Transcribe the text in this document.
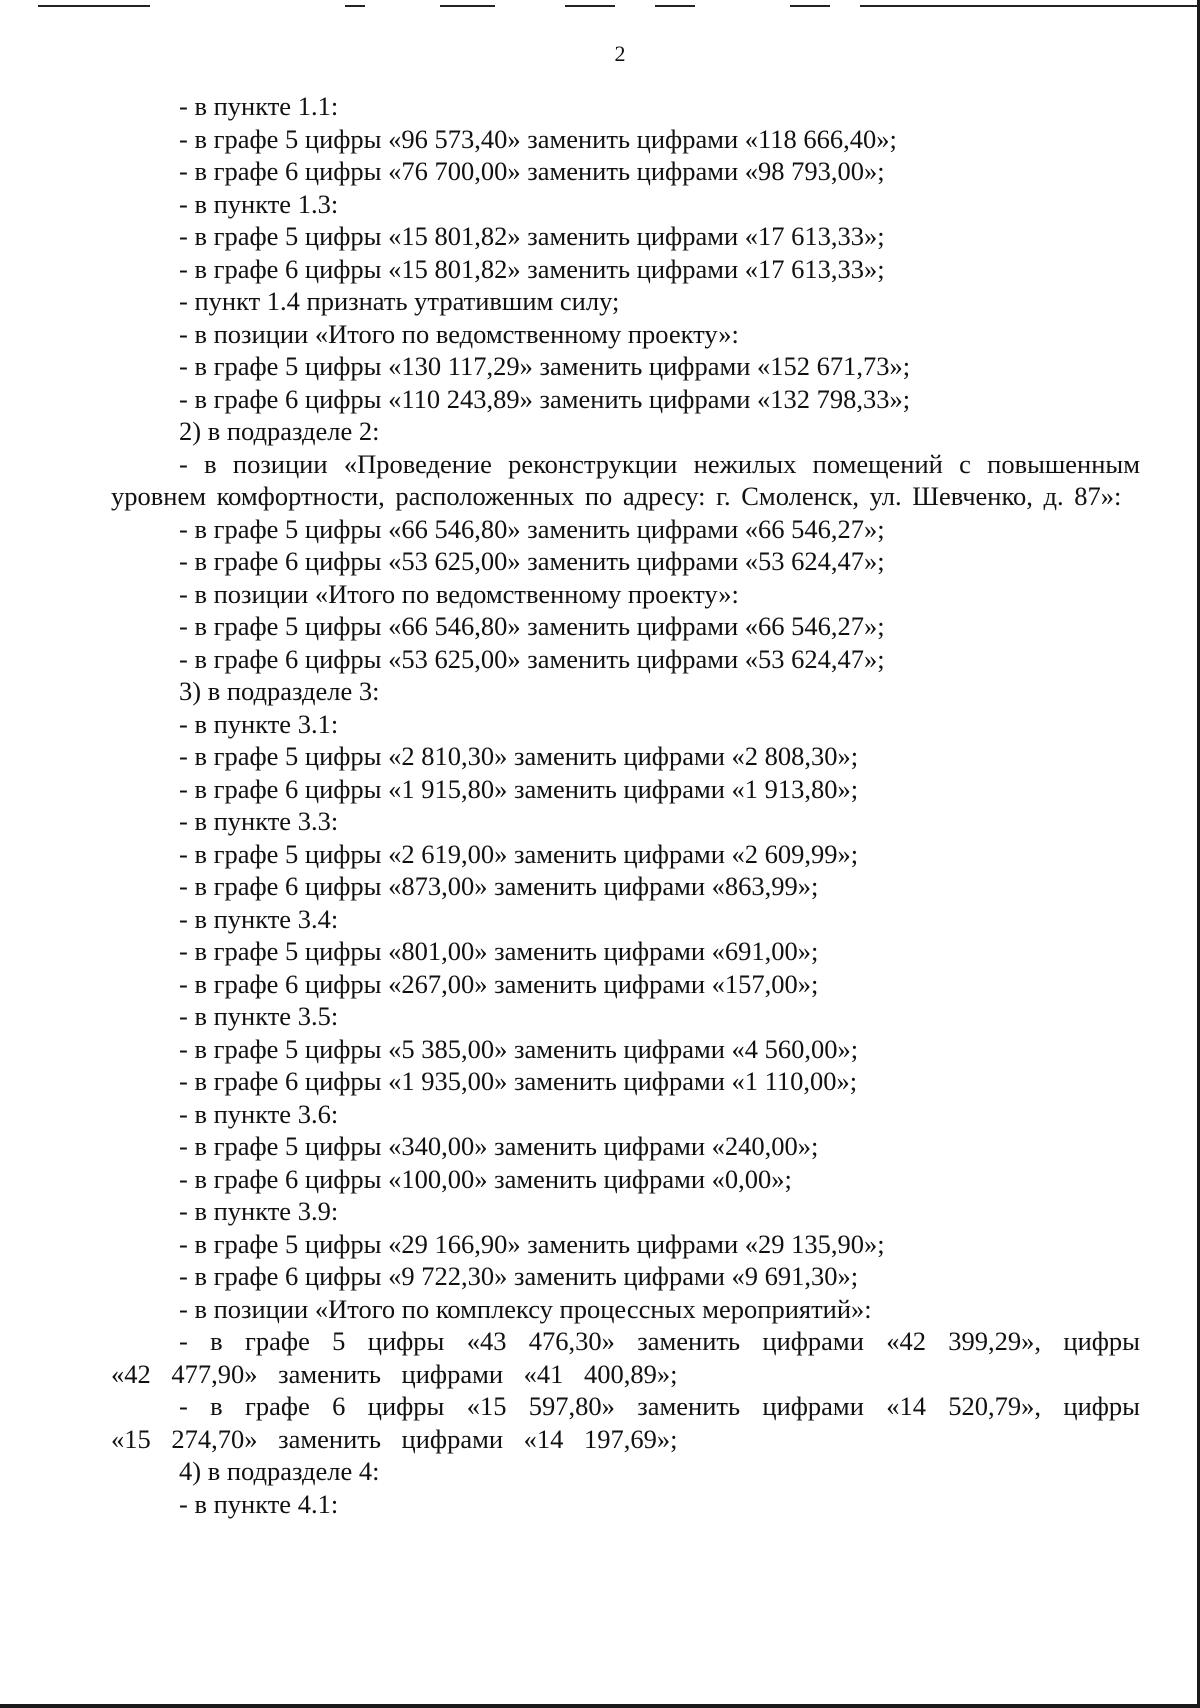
2
- в пункте 1.1:
- в графе 5 цифры «96 573,40» заменить цифрами «118 666,40»;
- в графе 6 цифры «76 700,00» заменить цифрами «98 793,00»;
- в пункте 1.3:
- в графе 5 цифры «15 801,82» заменить цифрами «17 613,33»;
- в графе 6 цифры «15 801,82» заменить цифрами «17 613,33»;
- пункт 1.4 признать утратившим силу;
- в позиции «Итого по ведомственному проекту»:
- в графе 5 цифры «130 117,29» заменить цифрами «152 671,73»;
- в графе 6 цифры «110 243,89» заменить цифрами «132 798,33»;
2) в подразделе 2:
- в позиции «Проведение реконструкции нежилых помещений с повышенным уровнем комфортности, расположенных по адресу: г. Смоленск, ул. Шевченко, д. 87»:
- в графе 5 цифры «66 546,80» заменить цифрами «66 546,27»;
- в графе 6 цифры «53 625,00» заменить цифрами «53 624,47»;
- в позиции «Итого по ведомственному проекту»:
- в графе 5 цифры «66 546,80» заменить цифрами «66 546,27»;
- в графе 6 цифры «53 625,00» заменить цифрами «53 624,47»;
3) в подразделе 3:
- в пункте 3.1:
- в графе 5 цифры «2 810,30» заменить цифрами «2 808,30»;
- в графе 6 цифры «1 915,80» заменить цифрами «1 913,80»;
- в пункте 3.3:
- в графе 5 цифры «2 619,00» заменить цифрами «2 609,99»;
- в графе 6 цифры «873,00» заменить цифрами «863,99»;
- в пункте 3.4:
- в графе 5 цифры «801,00» заменить цифрами «691,00»;
- в графе 6 цифры «267,00» заменить цифрами «157,00»;
- в пункте 3.5:
- в графе 5 цифры «5 385,00» заменить цифрами «4 560,00»;
- в графе 6 цифры «1 935,00» заменить цифрами «1 110,00»;
- в пункте 3.6:
- в графе 5 цифры «340,00» заменить цифрами «240,00»;
- в графе 6 цифры «100,00» заменить цифрами «0,00»;
- в пункте 3.9:
- в графе 5 цифры «29 166,90» заменить цифрами «29 135,90»;
- в графе 6 цифры «9 722,30» заменить цифрами «9 691,30»;
- в позиции «Итого по комплексу процессных мероприятий»:
- в графе 5 цифры «43 476,30» заменить цифрами «42 399,29», цифры «42 477,90» заменить цифрами «41 400,89»;
- в графе 6 цифры «15 597,80» заменить цифрами «14 520,79», цифры «15 274,70» заменить цифрами «14 197,69»;
4) в подразделе 4:
- в пункте 4.1:
